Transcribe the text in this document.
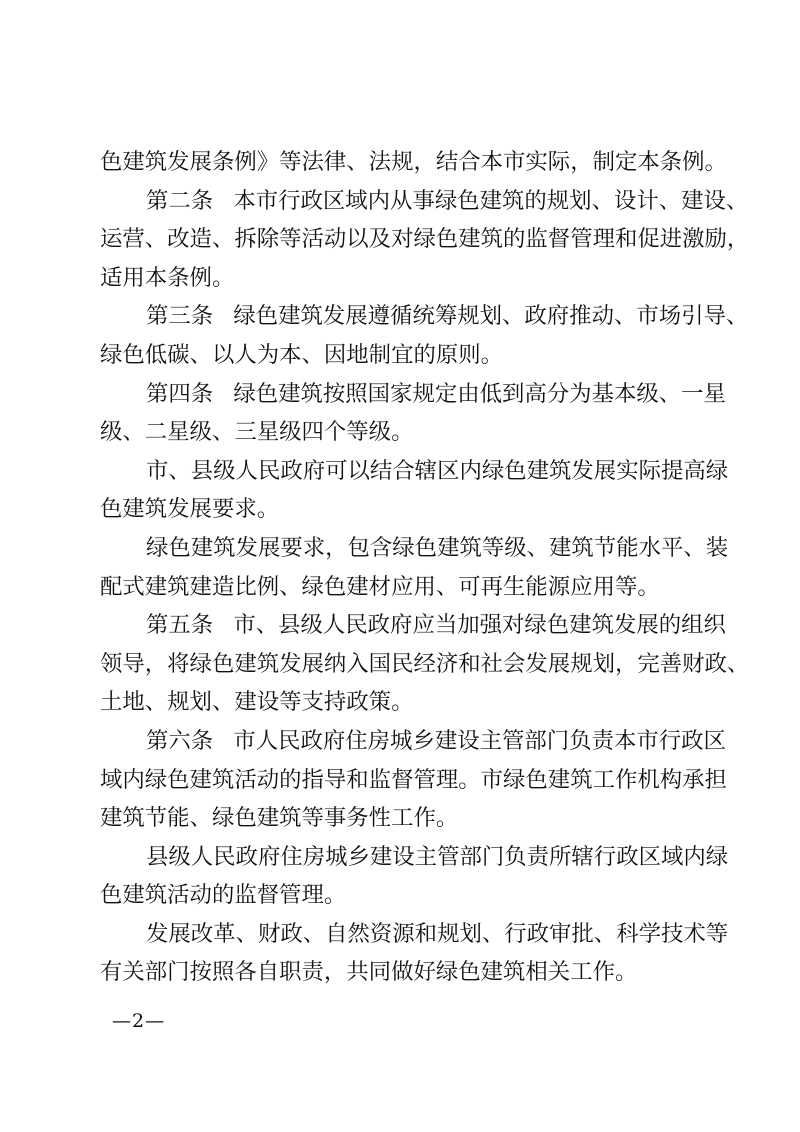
色建筑发展条例》等法律、法规，结合本市实际，制定本条例。
第二条 本市行政区域内从事绿色建筑的规划、设计、建设、
运营、改造、拆除等活动以及对绿色建筑的监督管理和促进激励，
适用本条例。
第三条 绿色建筑发展遵循统筹规划、政府推动、市场引导、
绿色低碳、以人为本、因地制宜的原则。
第四条 绿色建筑按照国家规定由低到高分为基本级、一星
级、二星级、三星级四个等级。
市、县级人民政府可以结合辖区内绿色建筑发展实际提高绿
色建筑发展要求。
绿色建筑发展要求，包含绿色建筑等级、建筑节能水平、装
配式建筑建造比例、绿色建材应用、可再生能源应用等。
第五条 市、县级人民政府应当加强对绿色建筑发展的组织
领导，将绿色建筑发展纳入国民经济和社会发展规划，完善财政、
土地、规划、建设等支持政策。
第六条 市人民政府住房城乡建设主管部门负责本市行政区
域内绿色建筑活动的指导和监督管理。市绿色建筑工作机构承担
建筑节能、绿色建筑等事务性工作。
县级人民政府住房城乡建设主管部门负责所辖行政区域内绿
色建筑活动的监督管理。
发展改革、财政、自然资源和规划、行政审批、科学技术等
有关部门按照各自职责，共同做好绿色建筑相关工作。
—2—
